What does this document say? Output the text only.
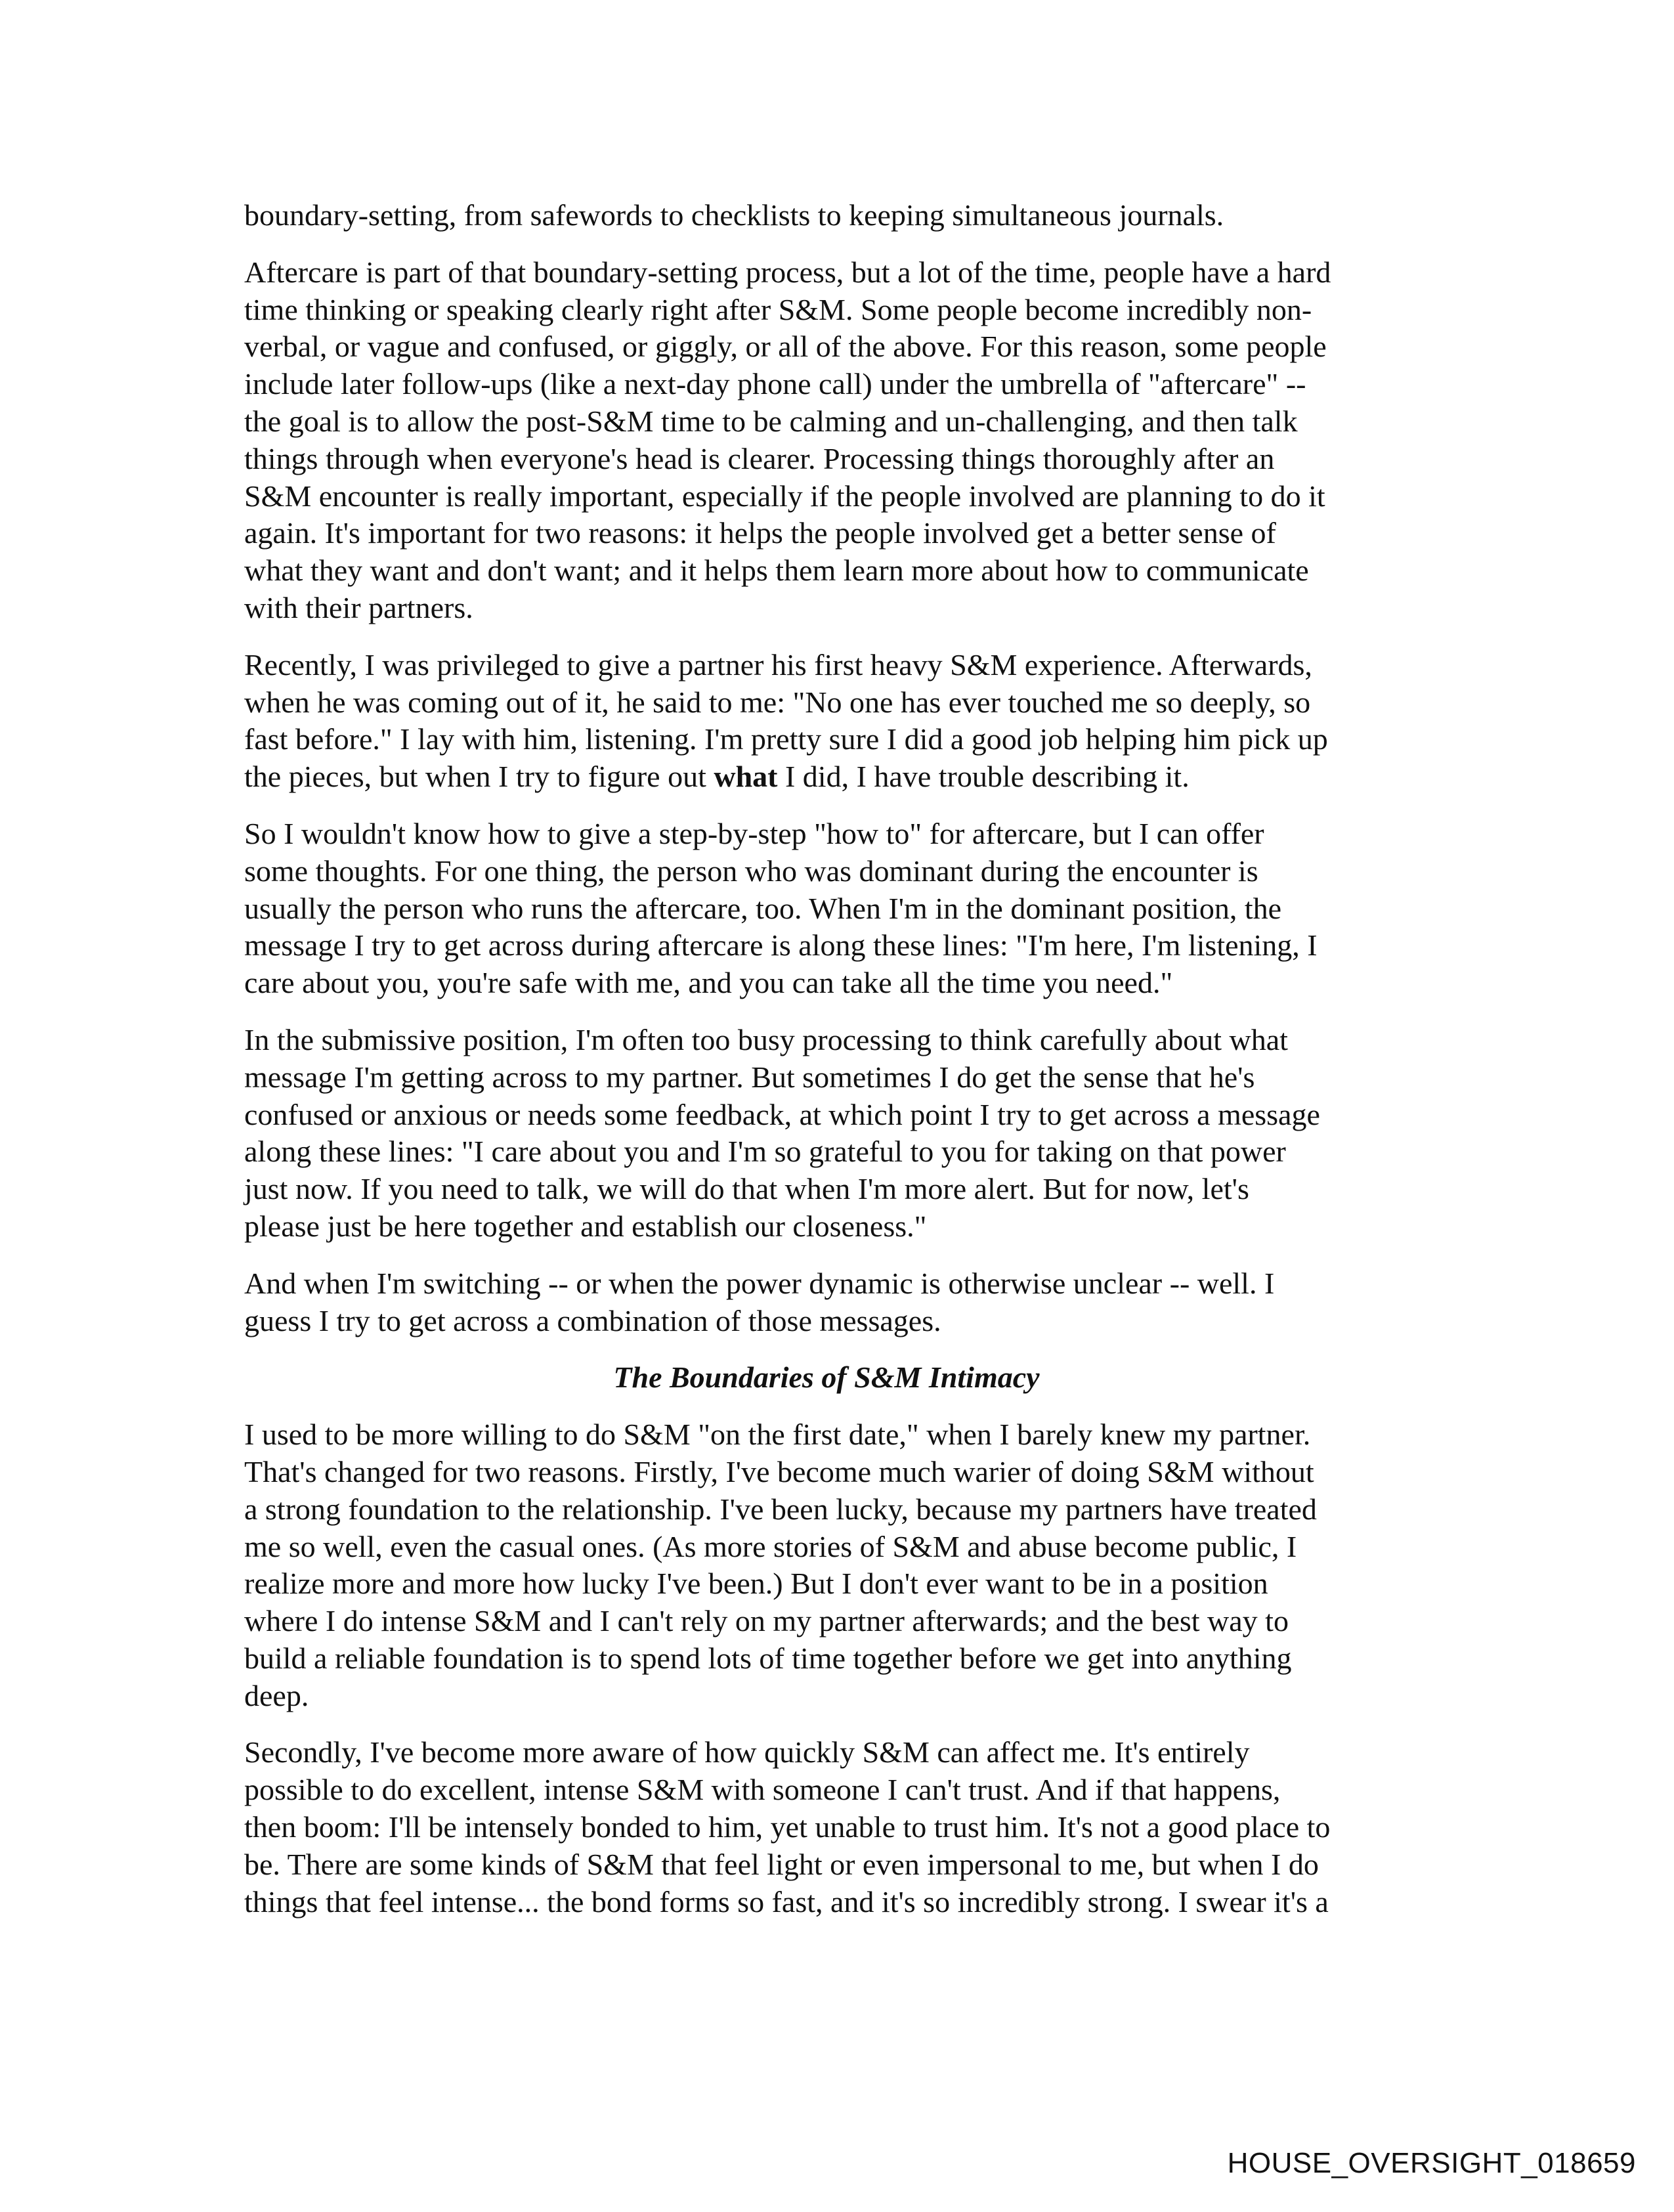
boundary-setting, from safewords to checklists to keeping simultaneous journals.
Aftercare is part of that boundary-setting process, but a lot of the time, people have a hard
time thinking or speaking clearly right after S&M. Some people become incredibly non-
verbal, or vague and confused, or giggly, or all of the above. For this reason, some people
include later follow-ups (like a next-day phone call) under the umbrella of "aftercare" --
the goal is to allow the post-S&M time to be calming and un-challenging, and then talk
things through when everyone's head is clearer. Processing things thoroughly after an
S&M encounter is really important, especially if the people involved are planning to do it
again. It's important for two reasons: it helps the people involved get a better sense of
what they want and don't want; and it helps them learn more about how to communicate
with their partners.
Recently, I was privileged to give a partner his first heavy S&M experience. Afterwards,
when he was coming out of it, he said to me: "No one has ever touched me so deeply, so
fast before." I lay with him, listening. I'm pretty sure I did a good job helping him pick up
the pieces, but when I try to figure out what I did, I have trouble describing it.
So I wouldn't know how to give a step-by-step "how to" for aftercare, but I can offer
some thoughts. For one thing, the person who was dominant during the encounter is
usually the person who runs the aftercare, too. When I'm in the dominant position, the
message I try to get across during aftercare is along these lines: "I'm here, I'm listening, I
care about you, you're safe with me, and you can take all the time you need."
In the submissive position, I'm often too busy processing to think carefully about what
message I'm getting across to my partner. But sometimes I do get the sense that he's
confused or anxious or needs some feedback, at which point I try to get across a message
along these lines: "I care about you and I'm so grateful to you for taking on that power
just now. If you need to talk, we will do that when I'm more alert. But for now, let's
please just be here together and establish our closeness."
And when I'm switching -- or when the power dynamic is otherwise unclear -- well. I
guess I try to get across a combination of those messages.
The Boundaries of S&M Intimacy
I used to be more willing to do S&M "on the first date," when I barely knew my partner.
That's changed for two reasons. Firstly, I've become much warier of doing S&M without
a strong foundation to the relationship. I've been lucky, because my partners have treated
me so well, even the casual ones. (As more stories of S&M and abuse become public, I
realize more and more how lucky I've been.) But I don't ever want to be in a position
where I do intense S&M and I can't rely on my partner afterwards; and the best way to
build a reliable foundation is to spend lots of time together before we get into anything
deep.
Secondly, I've become more aware of how quickly S&M can affect me. It's entirely
possible to do excellent, intense S&M with someone I can't trust. And if that happens,
then boom: I'll be intensely bonded to him, yet unable to trust him. It's not a good place to
be. There are some kinds of S&M that feel light or even impersonal to me, but when I do
things that feel intense... the bond forms so fast, and it's so incredibly strong. I swear it's a
HOUSE_OVERSIGHT_018659
